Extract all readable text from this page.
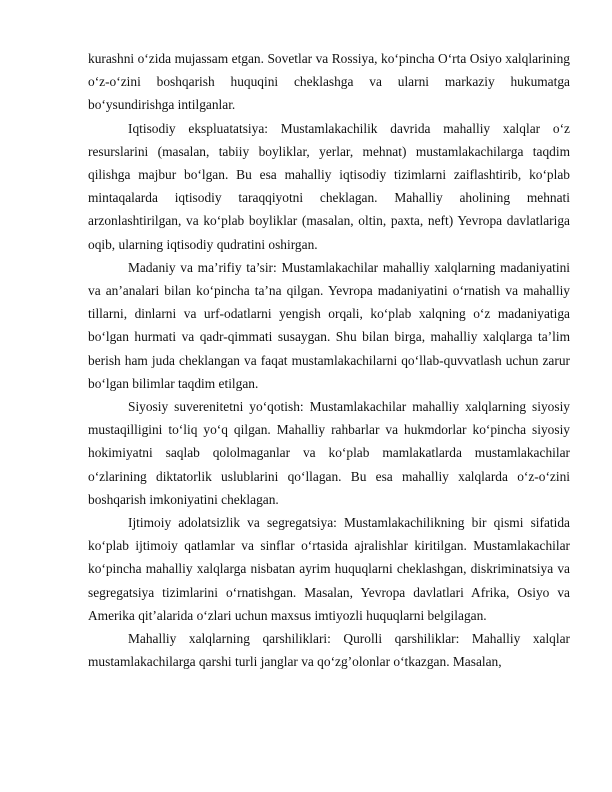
kurashni o‘zida mujassam etgan. Sovetlar va Rossiya, ko‘pincha O‘rta Osiyo xalqlarining o‘z-o‘zini boshqarish huquqini cheklashga va ularni markaziy hukumatga bo‘ysundirishga intilganlar.

Iqtisodiy ekspluatatsiya: Mustamlakachilik davrida mahalliy xalqlar o‘z resurslarini (masalan, tabiiy boyliklar, yerlar, mehnat) mustamlakachilarga taqdim qilishga majbur bo‘lgan. Bu esa mahalliy iqtisodiy tizimlarni zaiflashtirib, ko‘plab mintaqalarda iqtisodiy taraqqiyotni cheklagan. Mahalliy aholining mehnati arzonlashtirilgan, va ko‘plab boyliklar (masalan, oltin, paxta, neft) Yevropa davlatlariga oqib, ularning iqtisodiy qudratini oshirgan.

Madaniy va ma’rifiy ta’sir: Mustamlakachilar mahalliy xalqlarning madaniyatini va an’analari bilan ko‘pincha ta’na qilgan. Yevropa madaniyatini o‘rnatish va mahalliy tillarni, dinlarni va urf-odatlarni yengish orqali, ko‘plab xalqning o‘z madaniyatiga bo‘lgan hurmati va qadr-qimmati susaygan. Shu bilan birga, mahalliy xalqlarga ta’lim berish ham juda cheklangan va faqat mustamlakachilarni qo‘llab-quvvatlash uchun zarur bo‘lgan bilimlar taqdim etilgan.

Siyosiy suverenitetni yo‘qotish: Mustamlakachilar mahalliy xalqlarning siyosiy mustaqilligini to‘liq yo‘q qilgan. Mahalliy rahbarlar va hukmdorlar ko‘pincha siyosiy hokimiyatni saqlab qololmaganlar va ko‘plab mamlakatlarda mustamlakachilar o‘zlarining diktatorlik uslublarini qo‘llagan. Bu esa mahalliy xalqlarda o‘z-o‘zini boshqarish imkoniyatini cheklagan.

Ijtimoiy adolatsizlik va segregatsiya: Mustamlakachilikning bir qismi sifatida ko‘plab ijtimoiy qatlamlar va sinflar o‘rtasida ajralishlar kiritilgan. Mustamlakachilar ko‘pincha mahalliy xalqlarga nisbatan ayrim huquqlarni cheklashgan, diskriminatsiya va segregatsiya tizimlarini o‘rnatishgan. Masalan, Yevropa davlatlari Afrika, Osiyo va Amerika qit’alarida o‘zlari uchun maxsus imtiyozli huquqlarni belgilagan.

Mahalliy xalqlarning qarshiliklari: Qurolli qarshiliklar: Mahalliy xalqlar mustamlakachilarga qarshi turli janglar va qo‘zg’olonlar o‘tkazgan. Masalan,
